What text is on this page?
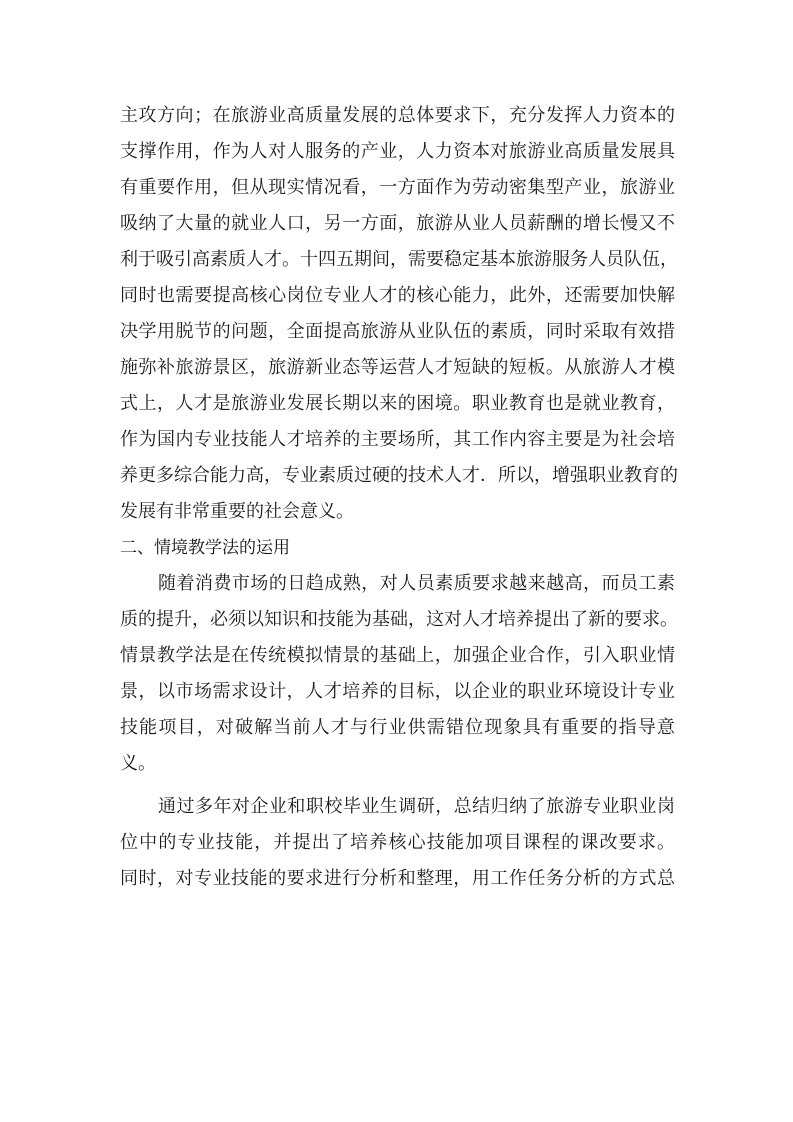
主攻方向；在旅游业高质量发展的总体要求下，充分发挥人力资本的
支撑作用，作为人对人服务的产业，人力资本对旅游业高质量发展具
有重要作用，但从现实情况看，一方面作为劳动密集型产业，旅游业
吸纳了大量的就业人口，另一方面，旅游从业人员薪酬的增长慢又不
利于吸引高素质人才。十四五期间，需要稳定基本旅游服务人员队伍，
同时也需要提高核心岗位专业人才的核心能力，此外，还需要加快解
决学用脱节的问题，全面提高旅游从业队伍的素质，同时采取有效措
施弥补旅游景区，旅游新业态等运营人才短缺的短板。从旅游人才模
式上，人才是旅游业发展长期以来的困境。职业教育也是就业教育，
作为国内专业技能人才培养的主要场所，其工作内容主要是为社会培
养更多综合能力高，专业素质过硬的技术人才．所以，增强职业教育的
发展有非常重要的社会意义。
二、情境教学法的运用
随着消费市场的日趋成熟，对人员素质要求越来越高，而员工素
质的提升，必须以知识和技能为基础，这对人才培养提出了新的要求。
情景教学法是在传统模拟情景的基础上，加强企业合作，引入职业情
景，以市场需求设计，人才培养的目标，以企业的职业环境设计专业
技能项目，对破解当前人才与行业供需错位现象具有重要的指导意
义。
通过多年对企业和职校毕业生调研，总结归纳了旅游专业职业岗
位中的专业技能，并提出了培养核心技能加项目课程的课改要求。
同时，对专业技能的要求进行分析和整理，用工作任务分析的方式总
